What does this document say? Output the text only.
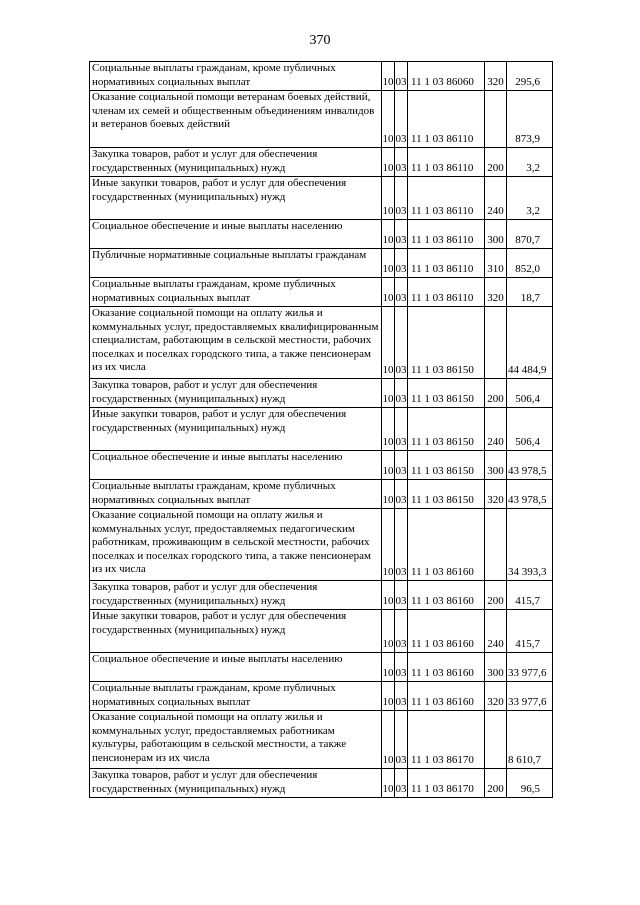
370
Социальные выплаты гражданам, кроме публичных нормативных социальных выплат	10	03	11 1 03 86060	320	295,6
Оказание социальной помощи ветеранам боевых действий, членам их семей и общественным объединениям инвалидов и ветеранов боевых действий	10	03	11 1 03 86110		873,9
Закупка товаров, работ и услуг для обеспечения государственных (муниципальных) нужд	10	03	11 1 03 86110	200	3,2
Иные закупки товаров, работ и услуг для обеспечения государственных (муниципальных) нужд	10	03	11 1 03 86110	240	3,2
Социальное обеспечение и иные выплаты населению	10	03	11 1 03 86110	300	870,7
Публичные нормативные социальные выплаты гражданам	10	03	11 1 03 86110	310	852,0
Социальные выплаты гражданам, кроме публичных нормативных социальных выплат	10	03	11 1 03 86110	320	18,7
Оказание социальной помощи на оплату жилья и коммунальных услуг, предоставляемых квалифицированным специалистам, работающим в сельской местности, рабочих поселках и поселках городского типа, а также пенсионерам из их числа	10	03	11 1 03 86150		44 484,9
Закупка товаров, работ и услуг для обеспечения государственных (муниципальных) нужд	10	03	11 1 03 86150	200	506,4
Иные закупки товаров, работ и услуг для обеспечения государственных (муниципальных) нужд	10	03	11 1 03 86150	240	506,4
Социальное обеспечение и иные выплаты населению	10	03	11 1 03 86150	300	43 978,5
Социальные выплаты гражданам, кроме публичных нормативных социальных выплат	10	03	11 1 03 86150	320	43 978,5
Оказание социальной помощи на оплату жилья и коммунальных услуг, предоставляемых педагогическим работникам, проживающим в сельской местности, рабочих поселках и поселках городского типа, а также пенсионерам из их числа	10	03	11 1 03 86160		34 393,3
Закупка товаров, работ и услуг для обеспечения государственных (муниципальных) нужд	10	03	11 1 03 86160	200	415,7
Иные закупки товаров, работ и услуг для обеспечения государственных (муниципальных) нужд	10	03	11 1 03 86160	240	415,7
Социальное обеспечение и иные выплаты населению	10	03	11 1 03 86160	300	33 977,6
Социальные выплаты гражданам, кроме публичных нормативных социальных выплат	10	03	11 1 03 86160	320	33 977,6
Оказание социальной помощи на оплату жилья и коммунальных услуг, предоставляемых работникам культуры, работающим в сельской местности, а также пенсионерам из их числа	10	03	11 1 03 86170		8 610,7
Закупка товаров, работ и услуг для обеспечения государственных (муниципальных) нужд	10	03	11 1 03 86170	200	96,5
